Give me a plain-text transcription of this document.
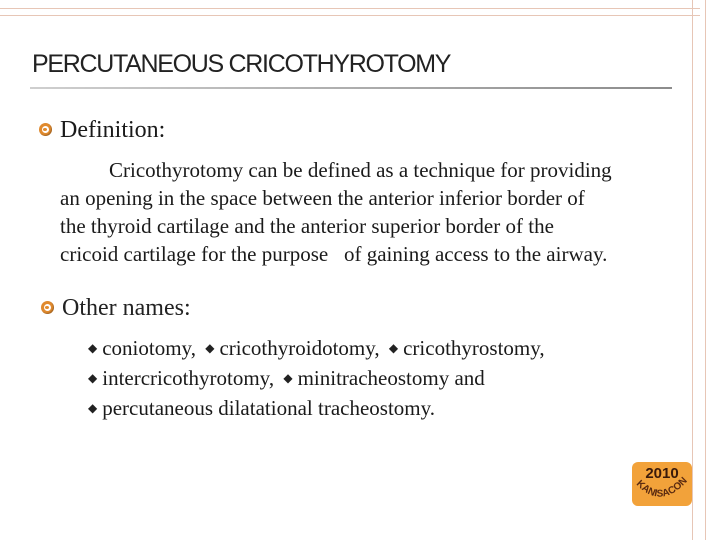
PERCUTANEOUS CRICOTHYROTOMY
Definition:

Cricothyrotomy can be defined as a technique for providing
an opening in the space between the anterior inferior border of
the thyroid cartilage and the anterior superior border of the
cricoid cartilage for the purpose   of gaining access to the airway.

Other names:
◆ coniotomy, ◆ cricothyroidotomy, ◆ cricothyrostomy,
◆ intercricothyrotomy, ◆ minitracheostomy and
◆ percutaneous dilatational tracheostomy.
2010
KANISACON
